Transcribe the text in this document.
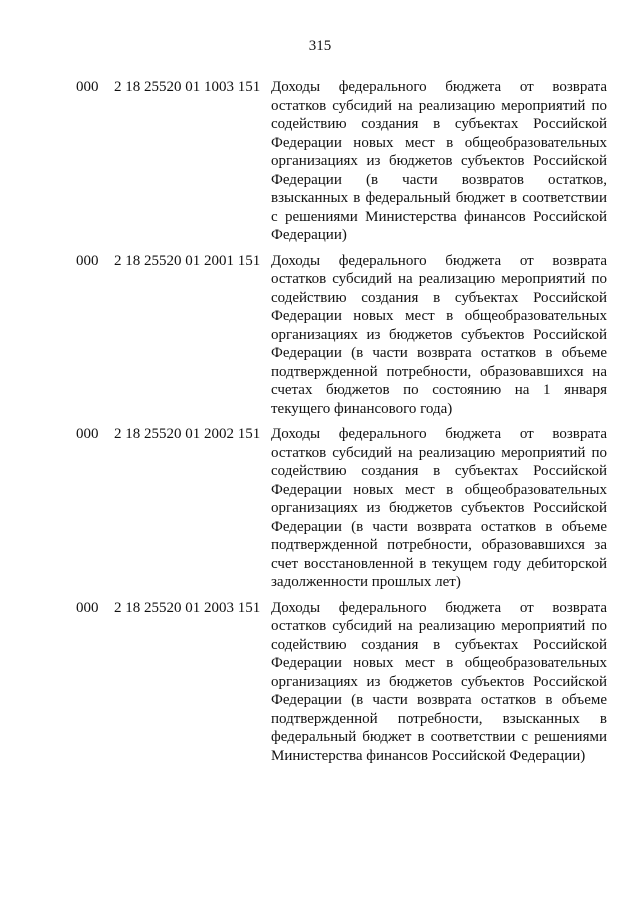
315
000 2 18 25520 01 1003 151 Доходы федерального бюджета от возврата
остатков субсидий на реализацию мероприятий по
содействию создания в субъектах Российской
Федерации новых мест в общеобразовательных
организациях из бюджетов субъектов Российской
Федерации (в части возвратов остатков,
взысканных в федеральный бюджет в соответствии
с решениями Министерства финансов Российской
Федерации)
000 2 18 25520 01 2001 151 Доходы федерального бюджета от возврата
остатков субсидий на реализацию мероприятий по
содействию создания в субъектах Российской
Федерации новых мест в общеобразовательных
организациях из бюджетов субъектов Российской
Федерации (в части возврата остатков в объеме
подтвержденной потребности, образовавшихся на
счетах бюджетов по состоянию на 1 января
текущего финансового года)
000 2 18 25520 01 2002 151 Доходы федерального бюджета от возврата
остатков субсидий на реализацию мероприятий по
содействию создания в субъектах Российской
Федерации новых мест в общеобразовательных
организациях из бюджетов субъектов Российской
Федерации (в части возврата остатков в объеме
подтвержденной потребности, образовавшихся за
счет восстановленной в текущем году дебиторской
задолженности прошлых лет)
000 2 18 25520 01 2003 151 Доходы федерального бюджета от возврата
остатков субсидий на реализацию мероприятий по
содействию создания в субъектах Российской
Федерации новых мест в общеобразовательных
организациях из бюджетов субъектов Российской
Федерации (в части возврата остатков в объеме
подтвержденной потребности, взысканных в
федеральный бюджет в соответствии с решениями
Министерства финансов Российской Федерации)
